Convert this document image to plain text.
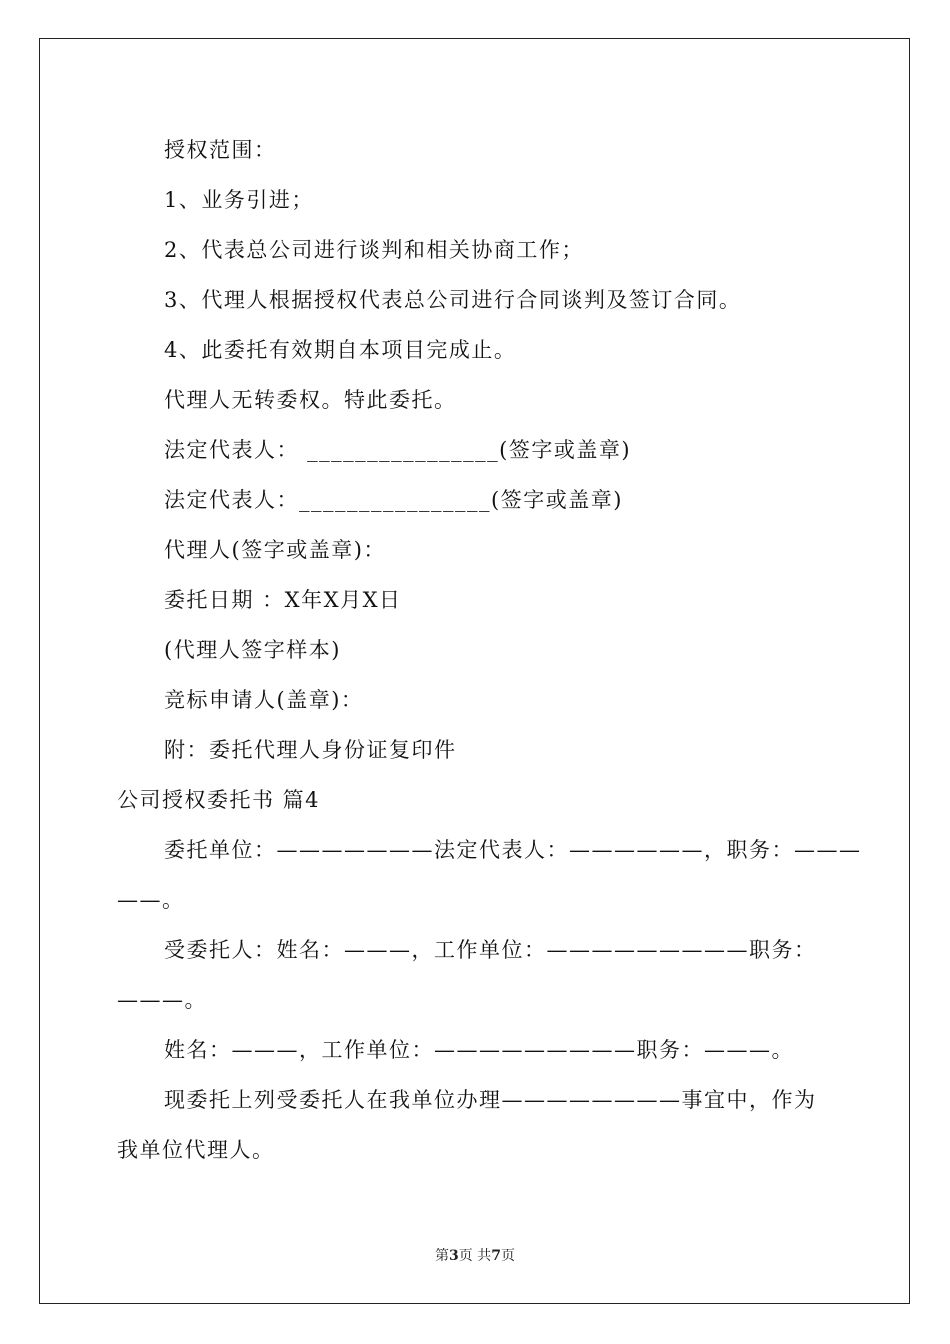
授权范围：
1、业务引进；
2、代表总公司进行谈判和相关协商工作；
3、代理人根据授权代表总公司进行合同谈判及签订合同。
4、此委托有效期自本项目完成止。
代理人无转委权。特此委托。
法定代表人： ________________(签字或盖章)
法定代表人：________________(签字或盖章)
代理人(签字或盖章)：
委托日期 ：X年X月X日
(代理人签字样本)
竞标申请人(盖章)：
附：委托代理人身份证复印件
公司授权委托书 篇4
委托单位：———————法定代表人：——————，职务：———
——。
受委托人：姓名：———，工作单位：—————————职务：
———。
姓名：———，工作单位：—————————职务：———。
现委托上列受委托人在我单位办理————————事宜中，作为
我单位代理人。
第3页 共7页
